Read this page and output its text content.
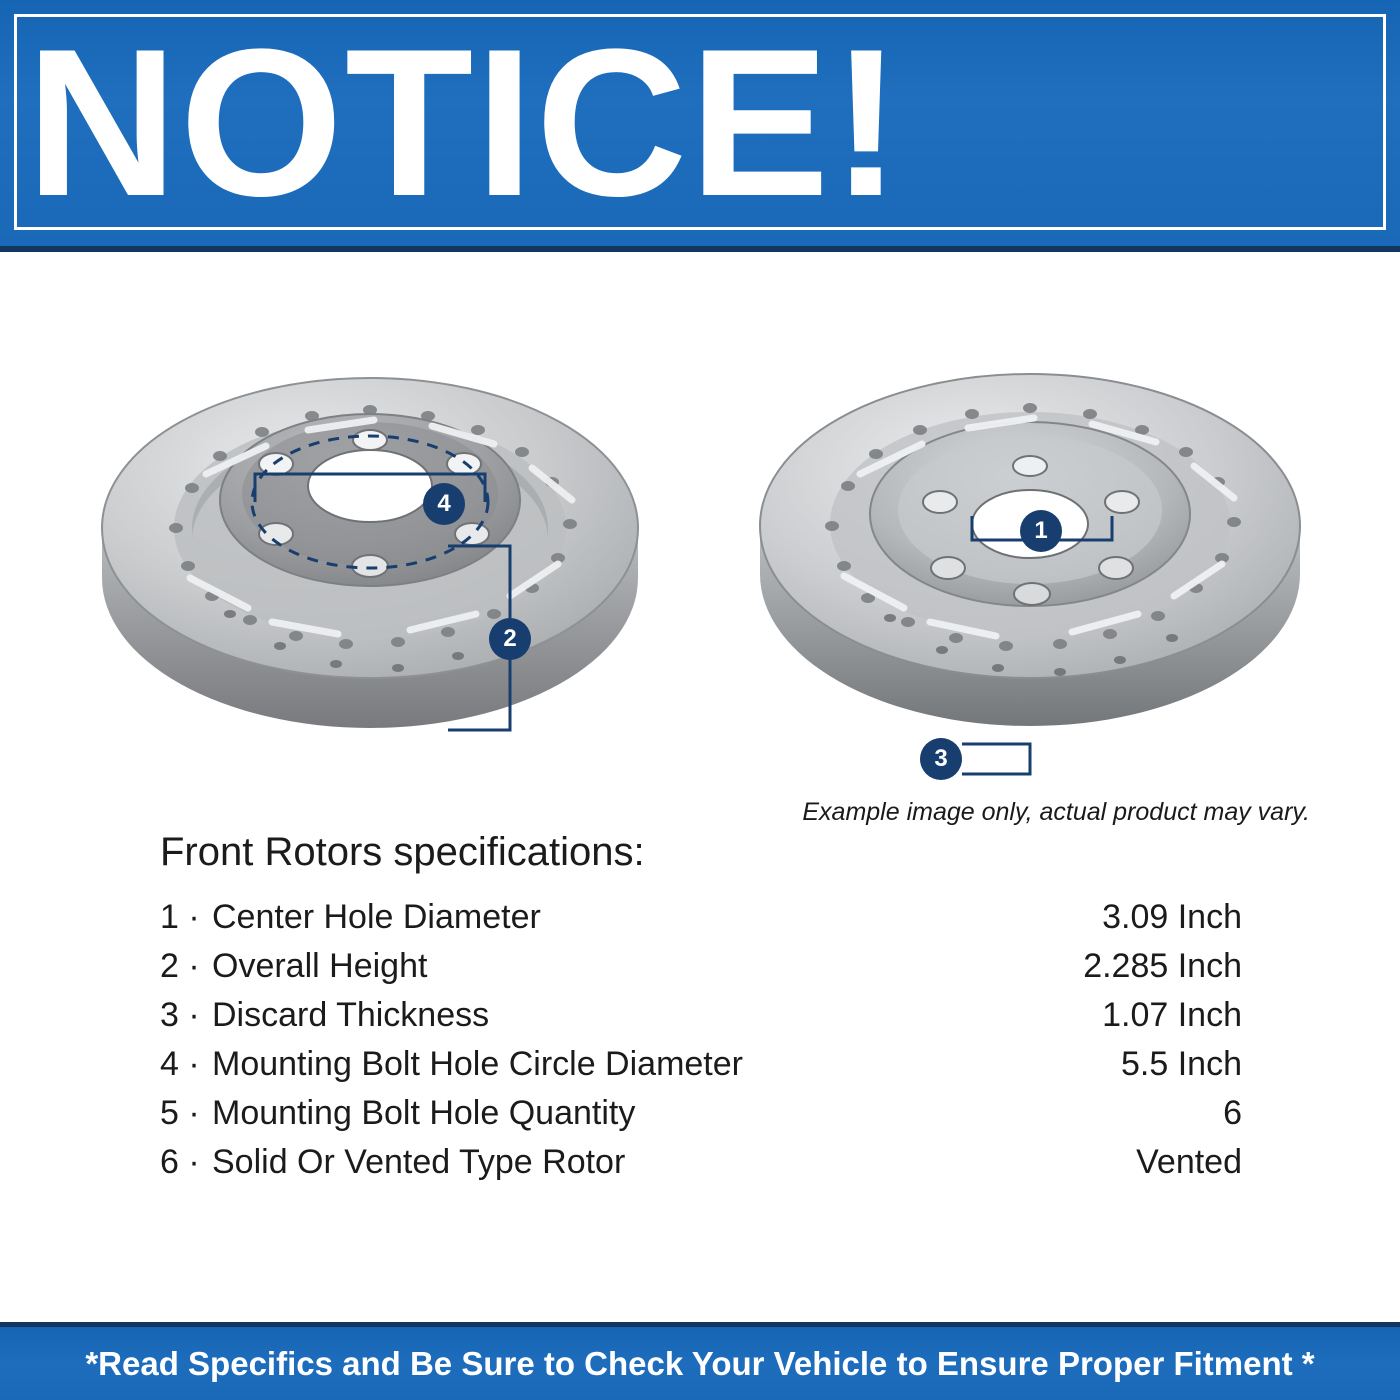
NOTICE!
4
2
1
3
Example image only, actual product may vary.
Front Rotors specifications:
1 · Center Hole Diameter	3.09 Inch
2 · Overall Height	2.285 Inch
3 · Discard Thickness	1.07 Inch
4 · Mounting Bolt Hole Circle Diameter	5.5 Inch
5 · Mounting Bolt Hole Quantity	6
6 · Solid Or Vented Type Rotor	Vented
*Read Specifics and Be Sure to Check Your Vehicle to Ensure Proper Fitment *
